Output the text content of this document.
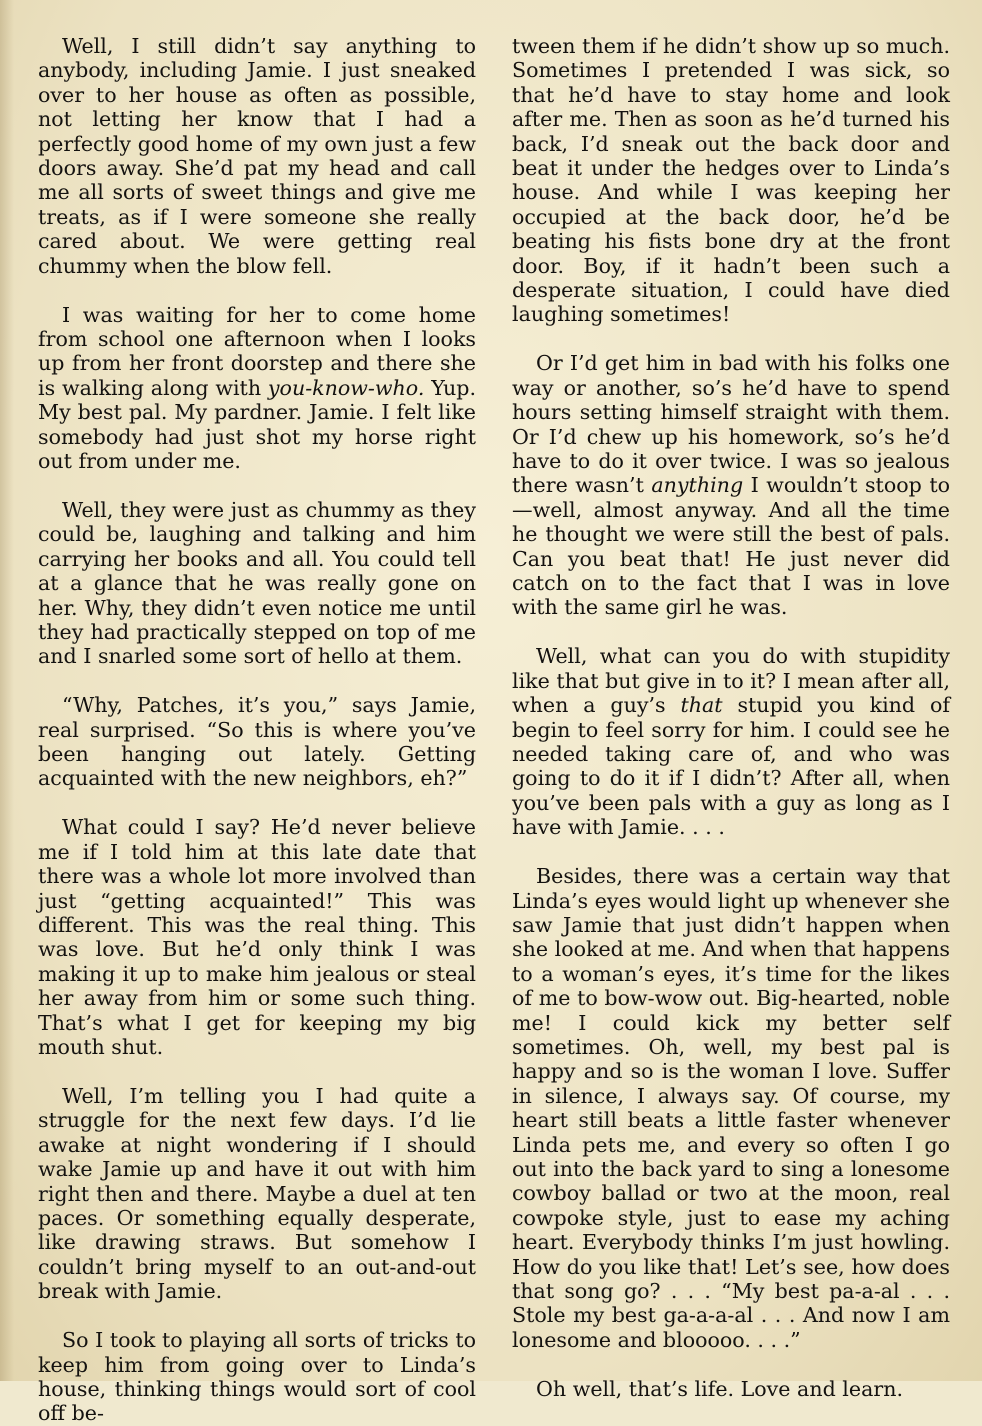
Well, I still didn’t say anything to anybody, including Jamie. I just sneaked over to her house as often as possible, not letting her know that I had a perfectly good home of my own just a few doors away. She’d pat my head and call me all sorts of sweet things and give me treats, as if I were someone she really cared about. We were getting real chummy when the blow fell.

I was waiting for her to come home from school one afternoon when I looks up from her front doorstep and there she is walking along with you-know-who. Yup. My best pal. My pardner. Jamie. I felt like somebody had just shot my horse right out from under me.

Well, they were just as chummy as they could be, laughing and talking and him carrying her books and all. You could tell at a glance that he was really gone on her. Why, they didn’t even notice me until they had practically stepped on top of me and I snarled some sort of hello at them.

“Why, Patches, it’s you,” says Jamie, real surprised. “So this is where you’ve been hanging out lately. Getting acquainted with the new neighbors, eh?”

What could I say? He’d never believe me if I told him at this late date that there was a whole lot more involved than just “getting acquainted!” This was different. This was the real thing. This was love. But he’d only think I was making it up to make him jealous or steal her away from him or some such thing. That’s what I get for keeping my big mouth shut.

Well, I’m telling you I had quite a struggle for the next few days. I’d lie awake at night wondering if I should wake Jamie up and have it out with him right then and there. Maybe a duel at ten paces. Or something equally desperate, like drawing straws. But somehow I couldn’t bring myself to an out-and-out break with Jamie.

So I took to playing all sorts of tricks to keep him from going over to Linda’s house, thinking things would sort of cool off be-

tween them if he didn’t show up so much. Sometimes I pretended I was sick, so that he’d have to stay home and look after me. Then as soon as he’d turned his back, I’d sneak out the back door and beat it under the hedges over to Linda’s house. And while I was keeping her occupied at the back door, he’d be beating his fists bone dry at the front door. Boy, if it hadn’t been such a desperate situation, I could have died laughing sometimes!

Or I’d get him in bad with his folks one way or another, so’s he’d have to spend hours setting himself straight with them. Or I’d chew up his homework, so’s he’d have to do it over twice. I was so jealous there wasn’t anything I wouldn’t stoop to—well, almost anyway. And all the time he thought we were still the best of pals. Can you beat that! He just never did catch on to the fact that I was in love with the same girl he was.

Well, what can you do with stupidity like that but give in to it? I mean after all, when a guy’s that stupid you kind of begin to feel sorry for him. I could see he needed taking care of, and who was going to do it if I didn’t? After all, when you’ve been pals with a guy as long as I have with Jamie. . . .

Besides, there was a certain way that Linda’s eyes would light up whenever she saw Jamie that just didn’t happen when she looked at me. And when that happens to a woman’s eyes, it’s time for the likes of me to bow-wow out. Big-hearted, noble me! I could kick my better self sometimes. Oh, well, my best pal is happy and so is the woman I love. Suffer in silence, I always say. Of course, my heart still beats a little faster whenever Linda pets me, and every so often I go out into the back yard to sing a lonesome cowboy ballad or two at the moon, real cowpoke style, just to ease my aching heart. Everybody thinks I’m just howling. How do you like that! Let’s see, how does that song go? . . . “My best pa-a-al . . . Stole my best ga-a-a-al . . . And now I am lonesome and blooooo. . . .”

Oh well, that’s life. Love and learn.
